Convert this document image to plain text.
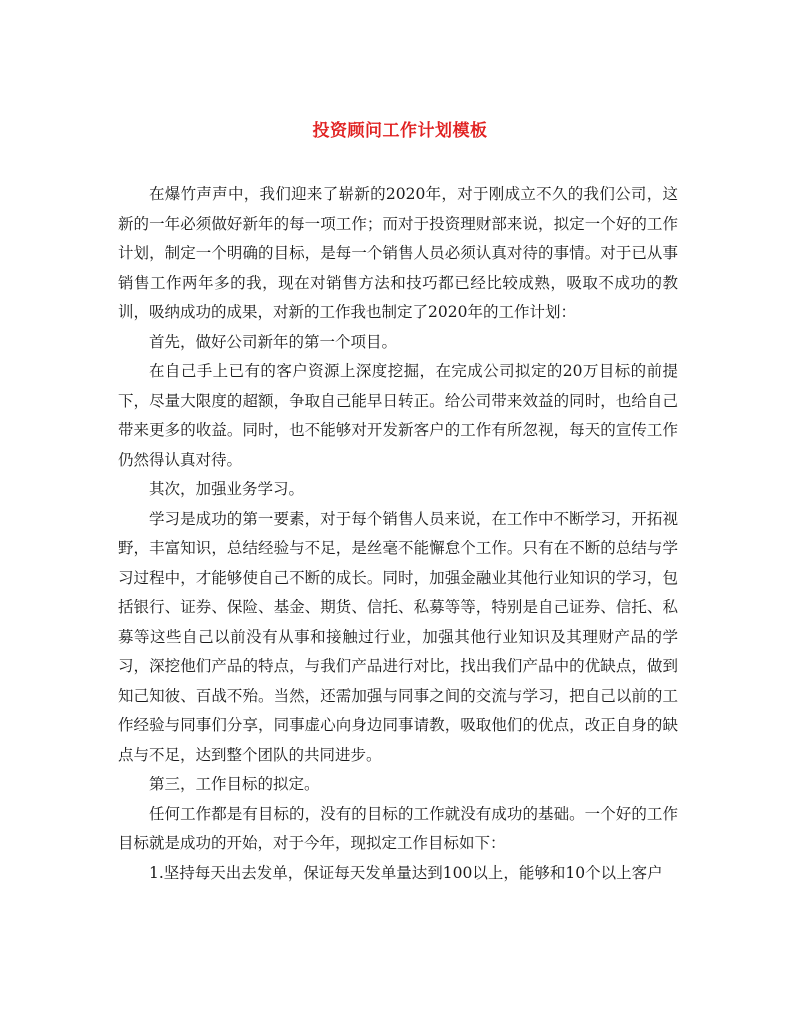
投资顾问工作计划模板

在爆竹声声中，我们迎来了崭新的2020年，对于刚成立不久的我们公司，这新的一年必须做好新年的每一项工作；而对于投资理财部来说，拟定一个好的工作计划，制定一个明确的目标，是每一个销售人员必须认真对待的事情。对于已从事销售工作两年多的我，现在对销售方法和技巧都已经比较成熟，吸取不成功的教训，吸纳成功的成果，对新的工作我也制定了2020年的工作计划：

首先，做好公司新年的第一个项目。

在自己手上已有的客户资源上深度挖掘，在完成公司拟定的20万目标的前提下，尽量大限度的超额，争取自己能早日转正。给公司带来效益的同时，也给自己带来更多的收益。同时，也不能够对开发新客户的工作有所忽视，每天的宣传工作仍然得认真对待。

其次，加强业务学习。

学习是成功的第一要素，对于每个销售人员来说，在工作中不断学习，开拓视野，丰富知识，总结经验与不足，是丝毫不能懈怠个工作。只有在不断的总结与学习过程中，才能够使自己不断的成长。同时，加强金融业其他行业知识的学习，包括银行、证券、保险、基金、期货、信托、私募等等，特别是自己证券、信托、私募等这些自己以前没有从事和接触过行业，加强其他行业知识及其理财产品的学习，深挖他们产品的特点，与我们产品进行对比，找出我们产品中的优缺点，做到知己知彼、百战不殆。当然，还需加强与同事之间的交流与学习，把自己以前的工作经验与同事们分享，同事虚心向身边同事请教，吸取他们的优点，改正自身的缺点与不足，达到整个团队的共同进步。

第三，工作目标的拟定。

任何工作都是有目标的，没有的目标的工作就没有成功的基础。一个好的工作目标就是成功的开始，对于今年，现拟定工作目标如下：

1.坚持每天出去发单，保证每天发单量达到100以上，能够和10个以上客户
